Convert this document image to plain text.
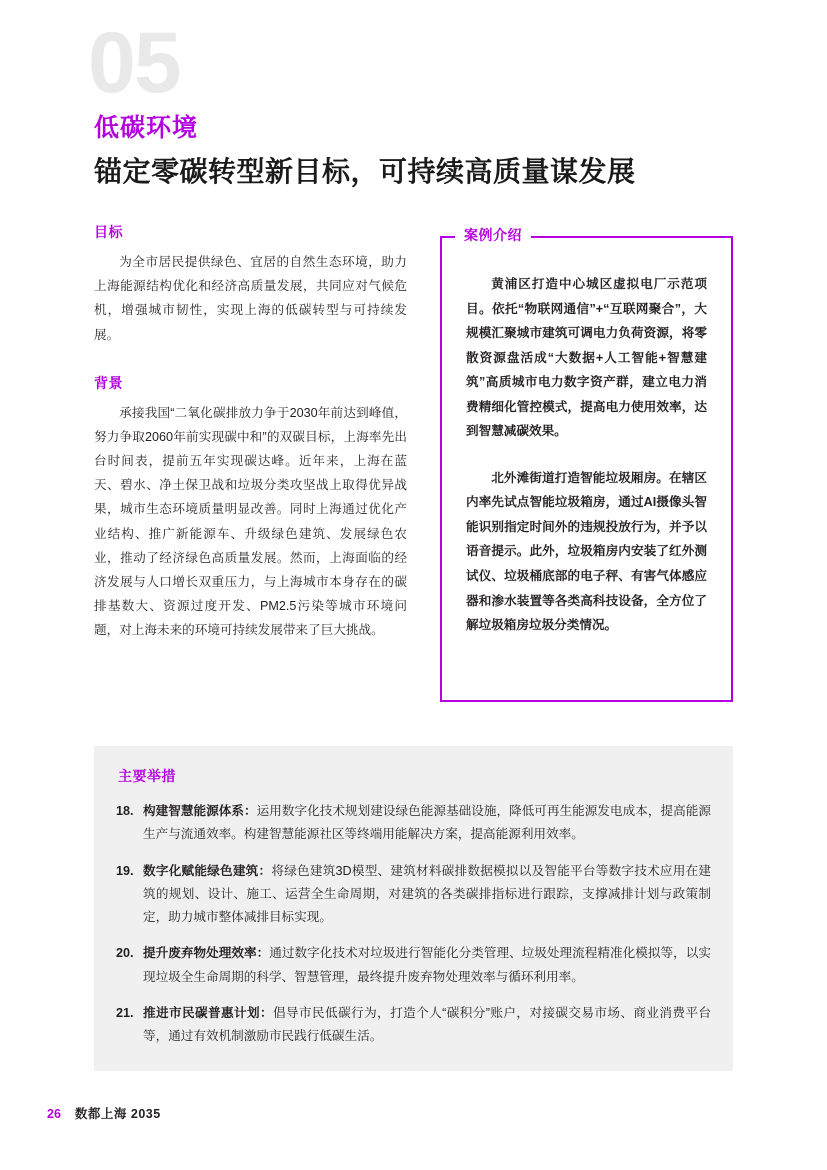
05
低碳环境
锚定零碳转型新目标，可持续高质量谋发展
目标

为全市居民提供绿色、宜居的自然生态环境，助力上海能源结构优化和经济高质量发展，共同应对气候危机，增强城市韧性，实现上海的低碳转型与可持续发展。

背景

承接我国“二氧化碳排放力争于2030年前达到峰值，努力争取2060年前实现碳中和”的双碳目标，上海率先出台时间表，提前五年实现碳达峰。近年来，上海在蓝天、碧水、净土保卫战和垃圾分类攻坚战上取得优异战果，城市生态环境质量明显改善。同时上海通过优化产业结构、推广新能源车、升级绿色建筑、发展绿色农业，推动了经济绿色高质量发展。然而，上海面临的经济发展与人口增长双重压力，与上海城市本身存在的碳排基数大、资源过度开发、PM2.5污染等城市环境问题，对上海未来的环境可持续发展带来了巨大挑战。

黄浦区打造中心城区虚拟电厂示范项目。依托“物联网通信”+“互联网聚合”，大规模汇聚城市建筑可调电力负荷资源，将零散资源盘活成“大数据+人工智能+智慧建筑”高质城市电力数字资产群，建立电力消费精细化管控模式，提高电力使用效率，达到智慧减碳效果。

北外滩街道打造智能垃圾厢房。在辖区内率先试点智能垃圾箱房，通过AI摄像头智能识别指定时间外的违规投放行为，并予以语音提示。此外，垃圾箱房内安装了红外测试仪、垃圾桶底部的电子秤、有害气体感应器和渗水装置等各类高科技设备，全方位了解垃圾箱房垃圾分类情况。

案例介绍
主要举措
18. 构建智慧能源体系：运用数字化技术规划建设绿色能源基础设施，降低可再生能源发电成本，提高能源生产与流通效率。构建智慧能源社区等终端用能解决方案，提高能源利用效率。
19. 数字化赋能绿色建筑：将绿色建筑3D模型、建筑材料碳排数据模拟以及智能平台等数字技术应用在建筑的规划、设计、施工、运营全生命周期，对建筑的各类碳排指标进行跟踪，支撑减排计划与政策制定，助力城市整体减排目标实现。
20. 提升废弃物处理效率：通过数字化技术对垃圾进行智能化分类管理、垃圾处理流程精准化模拟等，以实现垃圾全生命周期的科学、智慧管理，最终提升废弃物处理效率与循环利用率。
21. 推进市民碳普惠计划：倡导市民低碳行为，打造个人“碳积分”账户，对接碳交易市场、商业消费平台等，通过有效机制激励市民践行低碳生活。
26 数都上海 2035
